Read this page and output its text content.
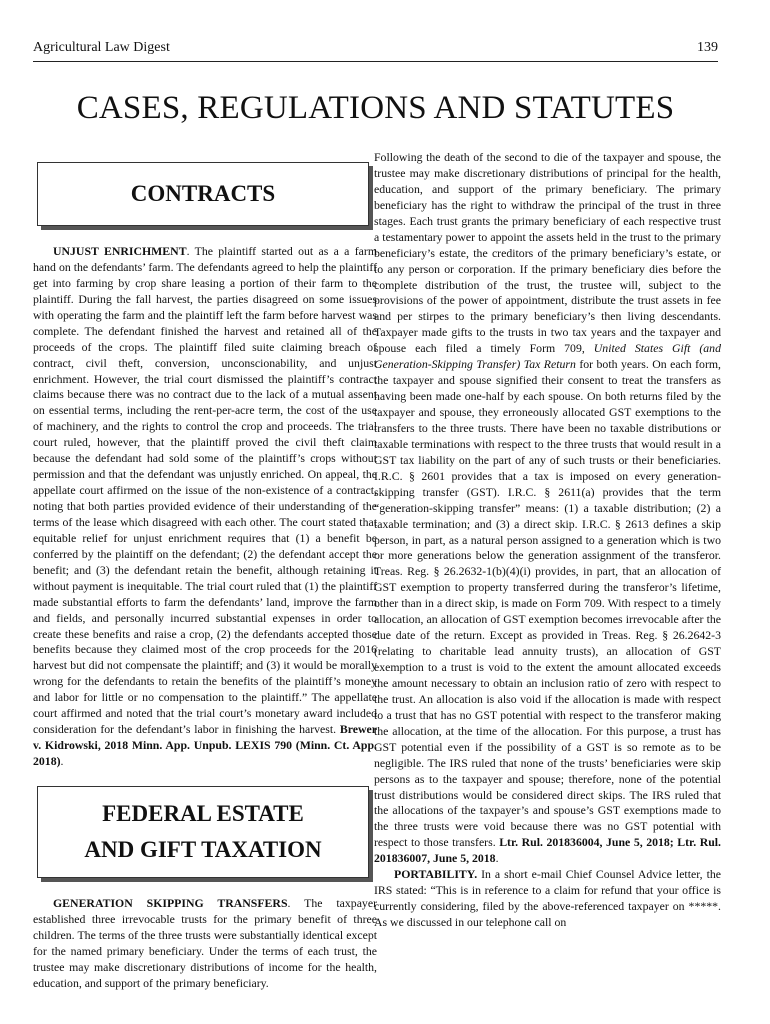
Agricultural Law Digest	139
CASES, REGULATIONS AND STATUTES
CONTRACTS

UNJUST ENRICHMENT. The plaintiff started out as a a farm hand on the defendants’ farm. The defendants agreed to help the plaintiff get into farming by crop share leasing a portion of their farm to the plaintiff. During the fall harvest, the parties disagreed on some issues with operating the farm and the plaintiff left the farm before harvest was complete. The defendant finished the harvest and retained all of the proceeds of the crops. The plaintiff filed suite claiming breach of contract, civil theft, conversion, unconscionability, and unjust enrichment. However, the trial court dismissed the plaintiff’s contract claims because there was no contract due to the lack of a mutual assent on essential terms, including the rent-per-acre term, the cost of the use of machinery, and the rights to control the crop and proceeds. The trial court ruled, however, that the plaintiff proved the civil theft claim because the defendant had sold some of the plaintiff’s crops without permission and that the defendant was unjustly enriched. On appeal, the appellate court affirmed on the issue of the non-existence of a contract, noting that both parties provided evidence of their understanding of the terms of the lease which disagreed with each other. The court stated that equitable relief for unjust enrichment requires that (1) a benefit be conferred by the plaintiff on the defendant; (2) the defendant accept the benefit; and (3) the defendant retain the benefit, although retaining it without payment is inequitable. The trial court ruled that (1) the plaintiff made substantial efforts to farm the defendants’ land, improve the farm and fields, and personally incurred substantial expenses in order to create these benefits and raise a crop, (2) the defendants accepted those benefits because they claimed most of the crop proceeds for the 2016 harvest but did not compensate the plaintiff; and (3) it would be morally wrong for the defendants to retain the benefits of the plaintiff’s money and labor for little or no compensation to the plaintiff.” The appellate court affirmed and noted that the trial court’s monetary award included consideration for the defendant’s labor in finishing the harvest. Brewer v. Kidrowski, 2018 Minn. App. Unpub. LEXIS 790 (Minn. Ct. App. 2018).

FEDERAL ESTATE
AND GIFT TAXATION

GENERATION SKIPPING TRANSFERS. The taxpayer established three irrevocable trusts for the primary benefit of three children. The terms of the three trusts were substantially identical except for the named primary beneficiary. Under the terms of each trust, the trustee may make discretionary distributions of income for the health, education, and support of the primary beneficiary.

Following the death of the second to die of the taxpayer and spouse, the trustee may make discretionary distributions of principal for the health, education, and support of the primary beneficiary. The primary beneficiary has the right to withdraw the principal of the trust in three stages. Each trust grants the primary beneficiary of each respective trust a testamentary power to appoint the assets held in the trust to the primary beneficiary’s estate, the creditors of the primary beneficiary’s estate, or to any person or corporation. If the primary beneficiary dies before the complete distribution of the trust, the trustee will, subject to the provisions of the power of appointment, distribute the trust assets in fee and per stirpes to the primary beneficiary’s then living descendants. Taxpayer made gifts to the trusts in two tax years and the taxpayer and spouse each filed a timely Form 709, United States Gift (and Generation-Skipping Transfer) Tax Return for both years. On each form, the taxpayer and spouse signified their consent to treat the transfers as having been made one-half by each spouse. On both returns filed by the taxpayer and spouse, they erroneously allocated GST exemptions to the transfers to the three trusts. There have been no taxable distributions or taxable terminations with respect to the three trusts that would result in a GST tax liability on the part of any of such trusts or their beneficiaries. I.R.C. § 2601 provides that a tax is imposed on every generation-skipping transfer (GST). I.R.C. § 2611(a) provides that the term “generation-skipping transfer” means: (1) a taxable distribution; (2) a taxable termination; and (3) a direct skip. I.R.C. § 2613 defines a skip person, in part, as a natural person assigned to a generation which is two or more generations below the generation assignment of the transferor. Treas. Reg. § 26.2632-1(b)(4)(i) provides, in part, that an allocation of GST exemption to property transferred during the transferor’s lifetime, other than in a direct skip, is made on Form 709. With respect to a timely allocation, an allocation of GST exemption becomes irrevocable after the due date of the return. Except as provided in Treas. Reg. § 26.2642-3 (relating to charitable lead annuity trusts), an allocation of GST exemption to a trust is void to the extent the amount allocated exceeds the amount necessary to obtain an inclusion ratio of zero with respect to the trust. An allocation is also void if the allocation is made with respect to a trust that has no GST potential with respect to the transferor making the allocation, at the time of the allocation. For this purpose, a trust has GST potential even if the possibility of a GST is so remote as to be negligible. The IRS ruled that none of the trusts’ beneficiaries were skip persons as to the taxpayer and spouse; therefore, none of the potential trust distributions would be considered direct skips. The IRS ruled that the allocations of the taxpayer’s and spouse’s GST exemptions made to the three trusts were void because there was no GST potential with respect to those transfers. Ltr. Rul. 201836004, June 5, 2018; Ltr. Rul. 201836007, June 5, 2018.

PORTABILITY. In a short e-mail Chief Counsel Advice letter, the IRS stated: “This is in reference to a claim for refund that your office is currently considering, filed by the above-referenced taxpayer on *****. As we discussed in our telephone call on
